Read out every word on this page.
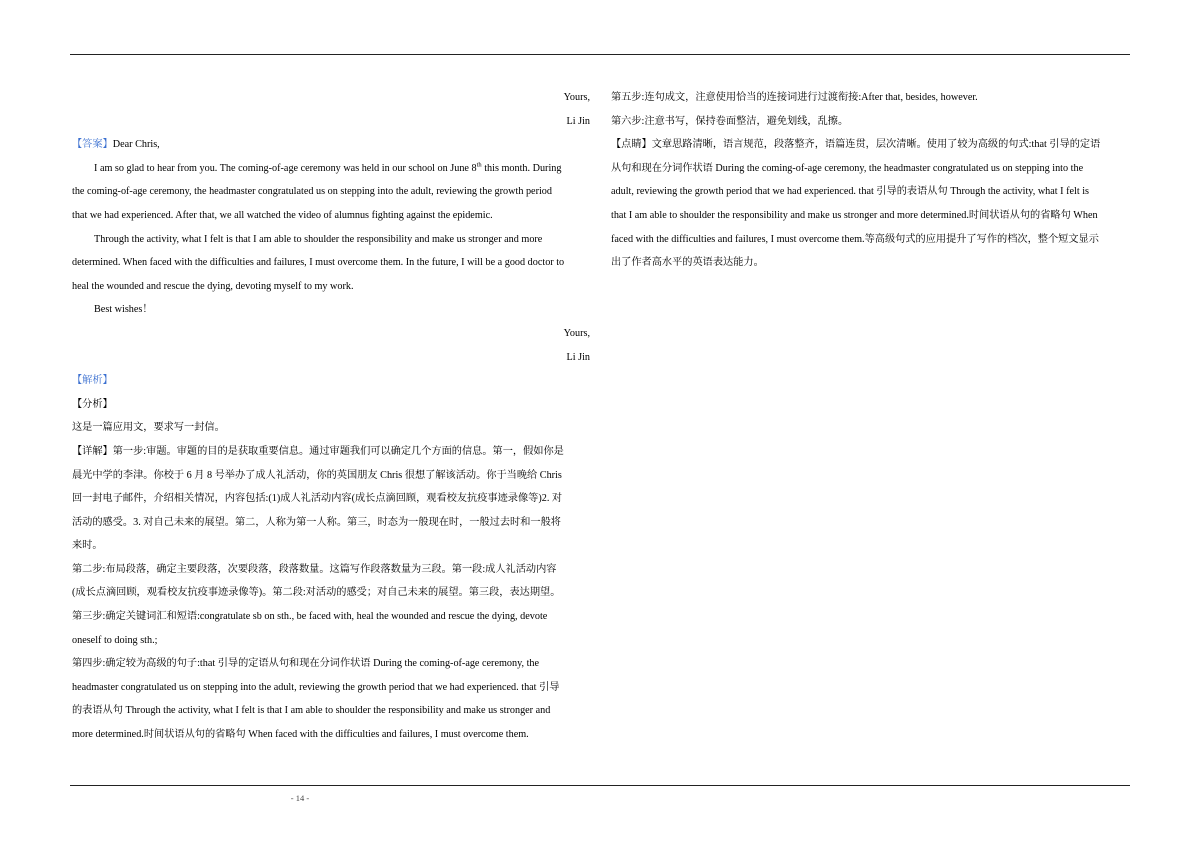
Yours,
Li Jin
【答案】Dear Chris,
I am so glad to hear from you. The coming-of-age ceremony was held in our school on June 8th this month. During
the coming-of-age ceremony, the headmaster congratulated us on stepping into the adult, reviewing the growth period
that we had experienced. After that, we all watched the video of alumnus fighting against the epidemic.
Through the activity, what I felt is that I am able to shoulder the responsibility and make us stronger and more
determined. When faced with the difficulties and failures, I must overcome them. In the future, I will be a good doctor to
heal the wounded and rescue the dying, devoting myself to my work.
Best wishes！
Yours,
Li Jin
【解析】
【分析】
这是一篇应用文，要求写一封信。
【详解】第一步:审题。审题的目的是获取重要信息。通过审题我们可以确定几个方面的信息。第一，假如你是
晨光中学的李津。你校于 6 月 8 号举办了成人礼活动，你的英国朋友 Chris 很想了解该活动。你于当晚给 Chris
回一封电子邮件，介绍相关情况，内容包括:(1)成人礼活动内容(成长点滴回顾，观看校友抗疫事迹录像等)2. 对
活动的感受。3. 对自己未来的展望。第二，人称为第一人称。第三，时态为一般现在时，一般过去时和一般将
来时。
第二步:布局段落，确定主要段落，次要段落，段落数量。这篇写作段落数量为三段。第一段:成人礼活动内容
(成长点滴回顾，观看校友抗疫事迹录像等)。第二段:对活动的感受；对自己未来的展望。第三段，表达期望。
第三步:确定关键词汇和短语:congratulate sb on sth., be faced with, heal the wounded and rescue the dying, devote
oneself to doing sth.;
第四步:确定较为高级的句子:that 引导的定语从句和现在分词作状语 During the coming-of-age ceremony, the
headmaster congratulated us on stepping into the adult, reviewing the growth period that we had experienced. that 引导
的表语从句 Through the activity, what I felt is that I am able to shoulder the responsibility and make us stronger and
more determined.时间状语从句的省略句 When faced with the difficulties and failures, I must overcome them.
第五步:连句成文，注意使用恰当的连接词进行过渡衔接:After that, besides, however.
第六步:注意书写，保持卷面整洁，避免划线，乱擦。
【点睛】文章思路清晰，语言规范，段落整齐，语篇连贯，层次清晰。使用了较为高级的句式:that 引导的定语
从句和现在分词作状语 During the coming-of-age ceremony, the headmaster congratulated us on stepping into the
adult, reviewing the growth period that we had experienced. that 引导的表语从句 Through the activity, what I felt is
that I am able to shoulder the responsibility and make us stronger and more determined.时间状语从句的省略句 When
faced with the difficulties and failures, I must overcome them.等高级句式的应用提升了写作的档次，整个短文显示
出了作者高水平的英语表达能力。
- 14 -
